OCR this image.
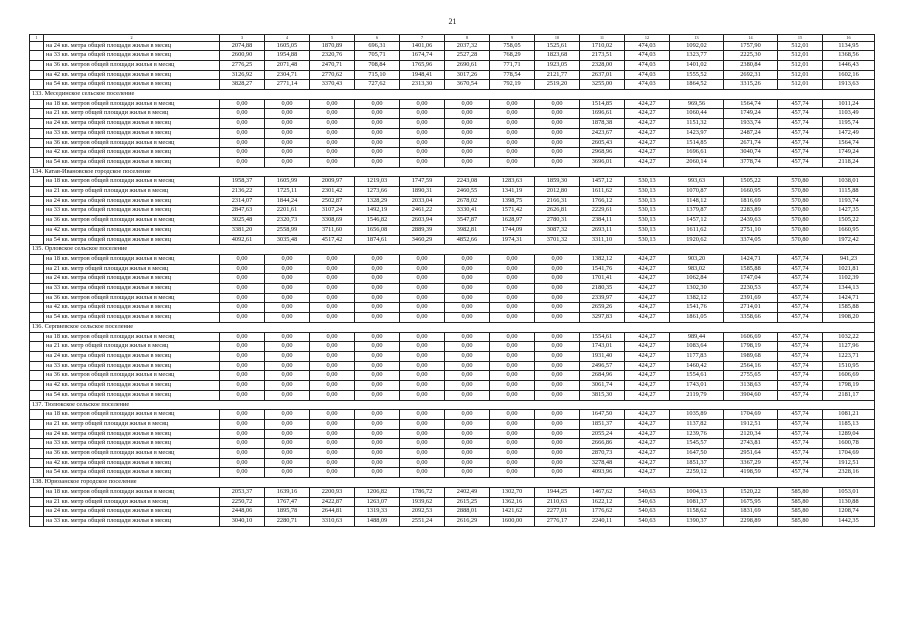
21
1	2	3	4	5	6	7	8	9	10	11	12	13	14	15	16
	на 24 кв. метра общей площади жилья в месяц	2074,88	1605,05	1870,89	696,31	1401,06	2037,32	758,05	1525,61	1710,02	474,03	1092,02	1757,90	512,01	1134,95
	на 33 кв. метра общей площади жилья в месяц	2600,90	1954,88	2320,76	705,71	1674,74	2527,28	768,29	1823,68	2173,51	474,03	1323,77	2225,30	512,01	1368,56
	на 36 кв. метров общей площади жилья в месяц	2776,25	2071,48	2470,71	708,84	1765,96	2690,61	771,71	1923,05	2328,00	474,03	1401,02	2380,84	512,01	1446,43
	на 42 кв. метра общей площади жилья в месяц	3126,92	2304,71	2770,62	715,10	1948,41	3017,26	778,54	2121,77	2637,01	474,03	1555,52	2692,31	512,01	1602,16
	на 54 кв. метра общей площади жилья в месяц	3828,27	2771,14	3370,43	727,62	2313,30	3670,54	792,19	2519,20	3255,00	474,03	1864,52	3315,26	512,01	1913,63
133. Месединское сельское поселение															
	на 18 кв. метров общей площади жилья в месяц	0,00	0,00	0,00	0,00	0,00	0,00	0,00	0,00	1514,85	424,27	969,56	1564,74	457,74	1011,24
	на 21 кв. метр общей площади жилья в месяц	0,00	0,00	0,00	0,00	0,00	0,00	0,00	0,00	1696,61	424,27	1060,44	1749,24	457,74	1103,49
	на 24 кв. метра общей площади жилья в месяц	0,00	0,00	0,00	0,00	0,00	0,00	0,00	0,00	1878,38	424,27	1151,32	1933,74	457,74	1195,74
	на 33 кв. метра общей площади жилья в месяц	0,00	0,00	0,00	0,00	0,00	0,00	0,00	0,00	2423,67	424,27	1423,97	2487,24	457,74	1472,49
	на 36 кв. метров общей площади жилья в месяц	0,00	0,00	0,00	0,00	0,00	0,00	0,00	0,00	2605,43	424,27	1514,85	2671,74	457,74	1564,74
	на 42 кв. метра общей площади жилья в месяц	0,00	0,00	0,00	0,00	0,00	0,00	0,00	0,00	2968,96	424,27	1696,61	3040,74	457,74	1749,24
	на 54 кв. метра общей площади жилья в месяц	0,00	0,00	0,00	0,00	0,00	0,00	0,00	0,00	3696,01	424,27	2060,14	3778,74	457,74	2118,24
134. Катав-Ивановское городское поселение															
	на 18 кв. метров общей площади жилья в месяц	1958,37	1605,99	2009,97	1219,03	1747,59	2243,08	1283,63	1859,30	1457,12	530,13	993,63	1505,22	570,80	1038,01
	на 21 кв. метр общей площади жилья в месяц	2136,22	1725,11	2301,42	1273,66	1890,31	2460,55	1341,19	2012,80	1611,62	530,13	1070,87	1660,95	570,80	1115,88
	на 24 кв. метра общей площади жилья в месяц	2314,07	1844,24	2502,87	1328,29	2033,04	2678,02	1398,75	2166,31	1766,12	530,13	1148,12	1816,69	570,80	1193,74
	на 33 кв. метра общей площади жилья в месяц	2847,63	2201,61	3107,24	1492,19	2461,22	3330,41	1571,42	2626,81	2229,61	530,13	1379,87	2283,89	570,80	1427,35
	на 36 кв. метров общей площади жилья в месяц	3025,48	2320,73	3308,69	1546,82	2603,94	3547,87	1628,97	2780,31	2384,11	530,13	1457,12	2439,63	570,80	1505,22
	на 42 кв. метра общей площади жилья в месяц	3381,20	2558,99	3711,60	1656,08	2889,39	3982,81	1744,09	3087,32	2693,11	530,13	1611,62	2751,10	570,80	1660,95
	на 54 кв. метра общей площади жилья в месяц	4092,61	3035,48	4517,42	1874,61	3460,29	4852,66	1974,31	3701,32	3311,10	530,13	1920,62	3374,05	570,80	1972,42
135. Орловское сельское поселение															
	на 18 кв. метров общей площади жилья в месяц	0,00	0,00	0,00	0,00	0,00	0,00	0,00	0,00	1382,12	424,27	903,20	1424,71	457,74	941,23
	на 21 кв. метр общей площади жилья в месяц	0,00	0,00	0,00	0,00	0,00	0,00	0,00	0,00	1541,76	424,27	983,02	1585,88	457,74	1021,81
	на 24 кв. метра общей площади жилья в месяц	0,00	0,00	0,00	0,00	0,00	0,00	0,00	0,00	1701,41	424,27	1062,84	1747,04	457,74	1102,39
	на 33 кв. метра общей площади жилья в месяц	0,00	0,00	0,00	0,00	0,00	0,00	0,00	0,00	2180,35	424,27	1302,30	2230,53	457,74	1344,13
	на 36 кв. метров общей площади жилья в месяц	0,00	0,00	0,00	0,00	0,00	0,00	0,00	0,00	2339,97	424,27	1382,12	2391,69	457,74	1424,71
	на 42 кв. метра общей площади жилья в месяц	0,00	0,00	0,00	0,00	0,00	0,00	0,00	0,00	2659,26	424,27	1541,76	2714,01	457,74	1585,88
	на 54 кв. метра общей площади жилья в месяц	0,00	0,00	0,00	0,00	0,00	0,00	0,00	0,00	3297,83	424,27	1861,05	3358,66	457,74	1908,20
136. Серпиевское сельское поселение															
	на 18 кв. метров общей площади жилья в месяц	0,00	0,00	0,00	0,00	0,00	0,00	0,00	0,00	1554,61	424,27	989,44	1606,69	457,74	1032,22
	на 21 кв. метр общей площади жилья в месяц	0,00	0,00	0,00	0,00	0,00	0,00	0,00	0,00	1743,01	424,27	1083,64	1798,19	457,74	1127,96
	на 24 кв. метра общей площади жилья в месяц	0,00	0,00	0,00	0,00	0,00	0,00	0,00	0,00	1931,40	424,27	1177,83	1989,68	457,74	1223,71
	на 33 кв. метра общей площади жилья в месяц	0,00	0,00	0,00	0,00	0,00	0,00	0,00	0,00	2496,57	424,27	1460,42	2564,16	457,74	1510,95
	на 36 кв. метров общей площади жилья в месяц	0,00	0,00	0,00	0,00	0,00	0,00	0,00	0,00	2684,96	424,27	1554,61	2755,65	457,74	1606,69
	на 42 кв. метра общей площади жилья в месяц	0,00	0,00	0,00	0,00	0,00	0,00	0,00	0,00	3061,74	424,27	1743,01	3138,63	457,74	1798,19
	на 54 кв. метра общей площади жилья в месяц	0,00	0,00	0,00	0,00	0,00	0,00	0,00	0,00	3815,30	424,27	2119,79	3904,60	457,74	2181,17
137. Тюлюкское сельское поселение															
	на 18 кв. метров общей площади жилья в месяц	0,00	0,00	0,00	0,00	0,00	0,00	0,00	0,00	1647,50	424,27	1035,89	1704,69	457,74	1081,21
	на 21 кв. метр общей площади жилья в месяц	0,00	0,00	0,00	0,00	0,00	0,00	0,00	0,00	1851,37	424,27	1137,82	1912,51	457,74	1185,13
	на 24 кв. метра общей площади жилья в месяц	0,00	0,00	0,00	0,00	0,00	0,00	0,00	0,00	2055,24	424,27	1239,76	2120,34	457,74	1289,04
	на 33 кв. метра общей площади жилья в месяц	0,00	0,00	0,00	0,00	0,00	0,00	0,00	0,00	2666,86	424,27	1545,57	2743,81	457,74	1600,78
	на 36 кв. метров общей площади жилья в месяц	0,00	0,00	0,00	0,00	0,00	0,00	0,00	0,00	2870,73	424,27	1647,50	2951,64	457,74	1704,69
	на 42 кв. метра общей площади жилья в месяц	0,00	0,00	0,00	0,00	0,00	0,00	0,00	0,00	3278,48	424,27	1851,37	3367,29	457,74	1912,51
	на 54 кв. метра общей площади жилья в месяц	0,00	0,00	0,00	0,00	0,00	0,00	0,00	0,00	4093,96	424,27	2259,12	4198,59	457,74	2328,16
138. Юрюзанское городское поселение															
	на 18 кв. метров общей площади жилья в месяц	2053,37	1639,16	2200,93	1206,82	1786,72	2402,49	1302,70	1944,25	1467,62	540,63	1004,13	1520,22	585,80	1053,01
	на 21 кв. метр общей площади жилья в месяц	2250,72	1767,47	2422,87	1263,07	1939,62	2615,25	1362,16	2110,63	1622,12	540,63	1081,37	1675,95	585,80	1130,88
	на 24 кв. метра общей площади жилья в месяц	2448,06	1895,78	2644,81	1319,33	2092,53	2888,01	1421,62	2277,01	1776,62	540,63	1158,62	1831,69	585,80	1208,74
	на 33 кв. метра общей площади жилья в месяц	3040,10	2280,71	3310,63	1488,09	2551,24	2616,29	1600,00	2776,17	2240,11	540,63	1390,37	2298,89	585,80	1442,35
